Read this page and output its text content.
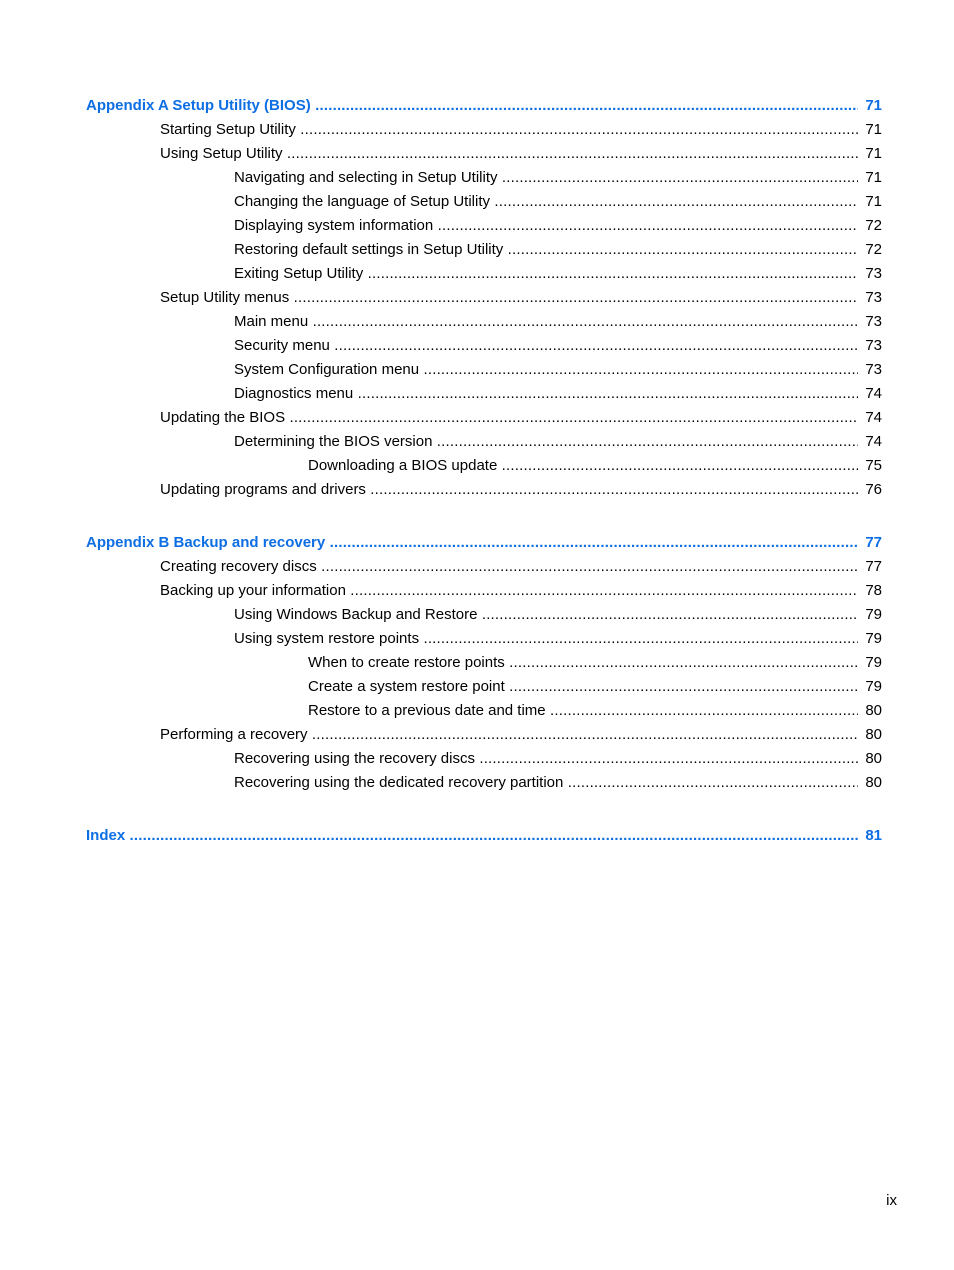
Appendix A Setup Utility (BIOS) .....	71
Starting Setup Utility .....	71
Using Setup Utility .....	71
Navigating and selecting in Setup Utility .....	71
Changing the language of Setup Utility .....	71
Displaying system information .....	72
Restoring default settings in Setup Utility .....	72
Exiting Setup Utility .....	73
Setup Utility menus .....	73
Main menu .....	73
Security menu .....	73
System Configuration menu .....	73
Diagnostics menu .....	74
Updating the BIOS .....	74
Determining the BIOS version .....	74
Downloading a BIOS update .....	75
Updating programs and drivers .....	76
Appendix B Backup and recovery .....	77
Creating recovery discs .....	77
Backing up your information .....	78
Using Windows Backup and Restore .....	79
Using system restore points .....	79
When to create restore points .....	79
Create a system restore point .....	79
Restore to a previous date and time .....	80
Performing a recovery .....	80
Recovering using the recovery discs .....	80
Recovering using the dedicated recovery partition .....	80
Index .....	81
ix
